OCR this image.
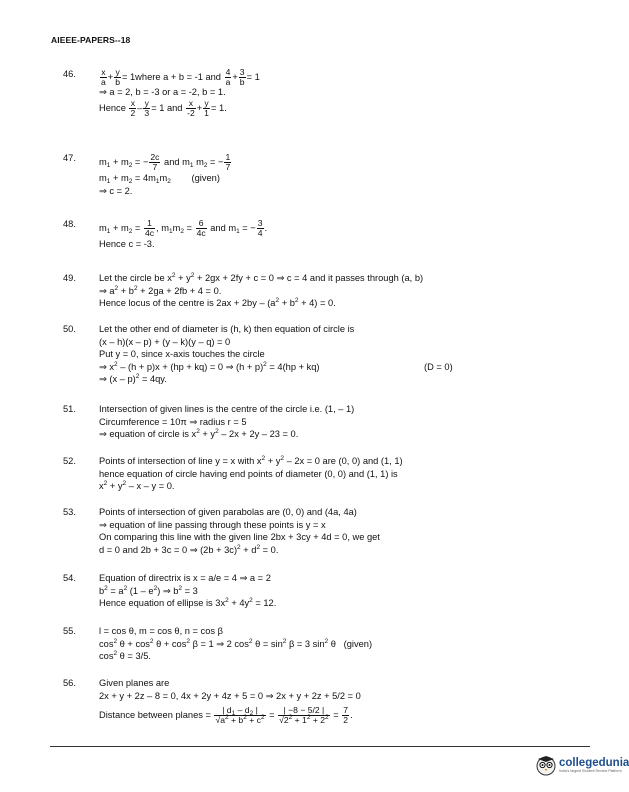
AIEEE-PAPERS--18
46.	$\frac{x}{a} + \frac{y}{b}$ = 1where a + b = -1 and $\frac{4}{a} + \frac{3}{b} = 1$
⇒ a = 2, b = -3 or a = -2, b = 1.
Hence $\frac{x}{2} - \frac{y}{3} = 1$ and $\frac{x}{-2} + \frac{y}{1} = 1$.
47. $m_1 + m_2$ = − $\frac{2c}{7}$ and $m_1$ $m_2$ = − $\frac{1}{7}$
$m_1 + m_2 = 4m_1m_2$        (given)
⇒ c = 2.
48. $m_1 + m_2 = \frac{1}{4c}$ , $m_1m_2 = \frac{6}{4c}$ and $m_1$ = − $\frac{3}{4}$ .
Hence c = -3.
49. Let the circle be $x^2 + y^2 + 2gx + 2fy + c = 0$ ⇒ c = 4 and it passes through (a, b)
⇒ $a^2 + b^2 + 2ga + 2fb + 4 = 0$.
Hence locus of the centre is $2ax + 2by - (a^2 + b^2 + 4) = 0$.
50. Let the other end of diameter is (h, k) then equation of circle is
(x – h)(x – p) + (y – k)(y – q) = 0
Put y = 0, since x-axis touches the circle
⇒ $x^2 - (h + p)x + (hp + kq) = 0$ ⇒ $(h + p)^2 = 4(hp + kq)$	(D = 0)
⇒ (x – p)$^2$ = 4qy.
51. Intersection of given lines is the centre of the circle i.e. (1, – 1)
Circumference = 10π ⇒ radius r = 5
⇒ equation of circle is $x^2 + y^2 - 2x + 2y - 23 = 0$.
52. Points of intersection of line y = x with $x^2 + y^2 - 2x = 0$ are (0, 0) and (1, 1)
hence equation of circle having end points of diameter (0, 0) and (1, 1) is
$x^2 + y^2 - x - y = 0$.
53. Points of intersection of given parabolas are (0, 0) and (4a, 4a)
⇒ equation of line passing through these points is y = x
On comparing this line with the given line 2bx + 3cy + 4d = 0, we get
d = 0 and 2b + 3c = 0 ⇒ $(2b + 3c)^2 + d^2 = 0$.
54. Equation of directrix is x = a/e = 4 ⇒ a = 2
$b^2 = a^2$ $(1 - e^2)$ ⇒ $b^2 = 3$
Hence equation of ellipse is $3x^2 + 4y^2 = 12$.
55. l = cos θ, m = cos θ, n = cos β
$\cos^2 \theta + \cos^2 \theta + \cos^2 \beta = 1$ ⇒ 2 $\cos^2 \theta = \sin^2 \beta = 3$ $\sin^2 \theta$   (given)
$\cos^2 \theta = 3/5$.
56. Given planes are
2x + y + 2z – 8 = 0, 4x + 2y + 4z + 5 = 0 ⇒ 2x + y + 2z + 5/2 = 0
Distance between planes = $\frac{| d_1 - d_2 |}{√a^2 + b^2 + c^2} = \frac{| -8 - 5/2 |}{√2^2 + 1^2 + 2^2} = \frac{7}{2}$ .
collegedunia
India's largest Student Review Platform
